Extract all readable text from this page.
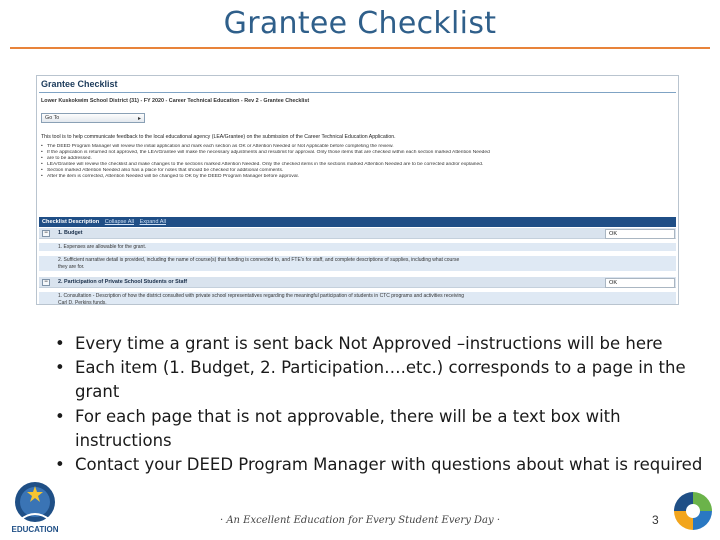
Grantee Checklist
Grantee Checklist
Lower Kuskokwim School District (31) - FY 2020 - Career Technical Education - Rev 2 - Grantee Checklist
Go To	▸
This tool is to help communicate feedback to the local educational agency (LEA/Grantee) on the submission of the Career Technical Education Application.
• The DEED Program Manager will review the initial application and mark each section as OK or Attention Needed or Not Applicable before completing the review.
• If the application is returned not approved, the LEA/Grantee will make the necessary adjustments and resubmit for approval. Only those items that are checked within each section marked Attention Needed
• are to be addressed.
• LEA/Grantee will review the checklist and make changes to the sections marked Attention Needed. Only the checked items in the sections marked Attention Needed are to be corrected and/or explained.
• Section marked Attention Needed also has a place for notes that should be checked for additional comments.
• After the item is corrected, Attention Needed will be changed to OK by the DEED Program Manager before approval.
Checklist Description Collapse All Expand All
−	1. Budget	OK
1. Expenses are allowable for the grant.
2. Sufficient narrative detail is provided, including the name of course(s) that funding is connected to, and FTE's for staff, and complete descriptions of supplies, including what course
they are for.
−	2. Participation of Private School Students or Staff	OK
1. Consultation - Description of how the district consulted with private school representatives regarding the meaningful participation of students in CTC programs and activities receiving
Carl D. Perkins funds.
• Every time a grant is sent back Not Approved –instructions will be here
• Each item (1. Budget, 2. Participation….etc.) corresponds to a page in the grant
• For each page that is not approvable, there will be a text box with instructions
• Contact your DEED Program Manager with questions about what is required
EDUCATION
· An Excellent Education for Every Student Every Day ·	3
